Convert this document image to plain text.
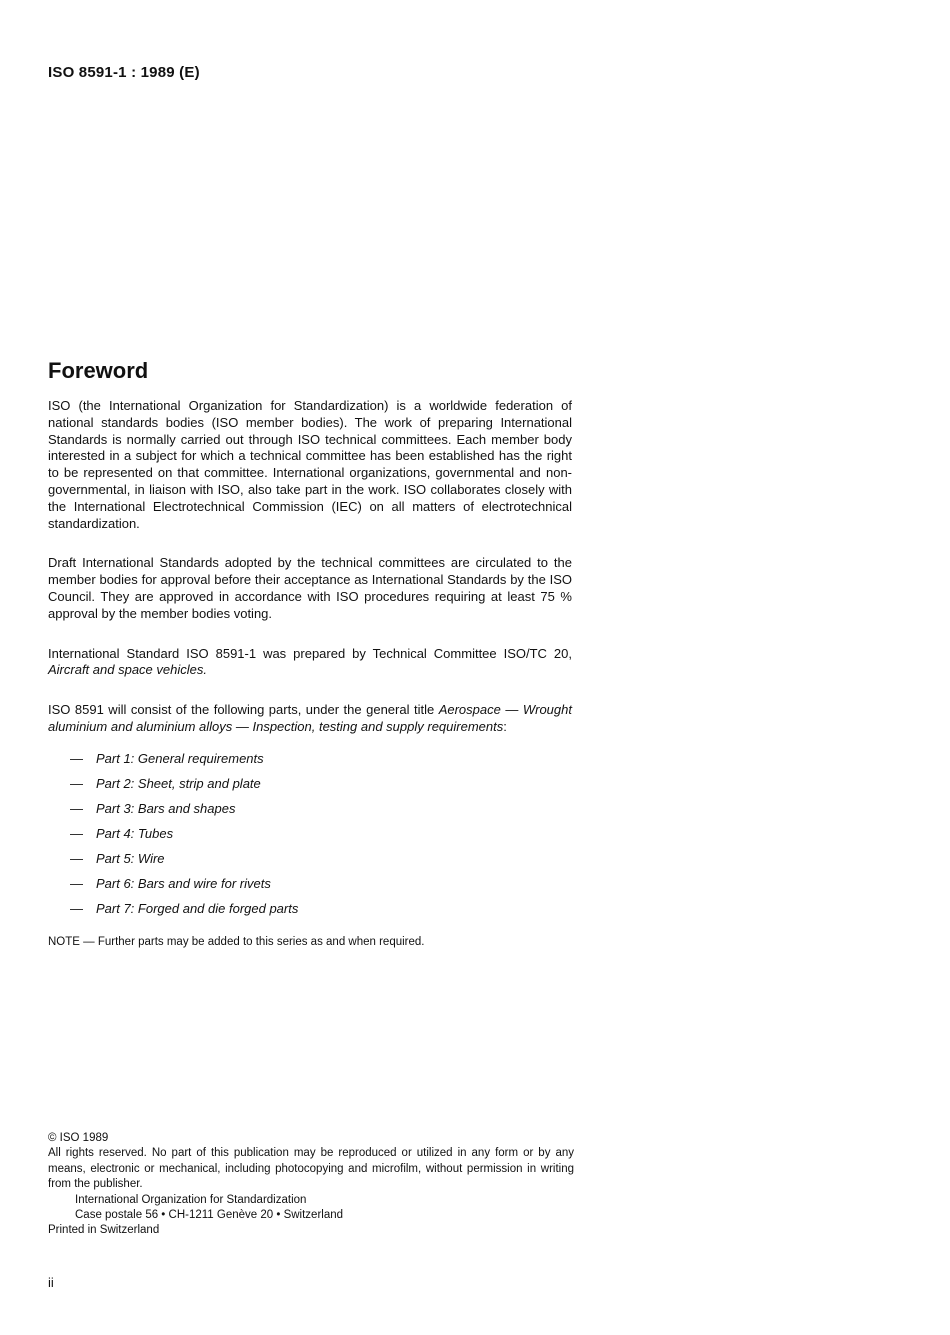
ISO 8591-1 : 1989 (E)
Foreword

ISO (the International Organization for Standardization) is a worldwide federation of national standards bodies (ISO member bodies). The work of preparing International Standards is normally carried out through ISO technical committees. Each member body interested in a subject for which a technical committee has been established has the right to be represented on that committee. International organizations, governmental and non-governmental, in liaison with ISO, also take part in the work. ISO collaborates closely with the International Electrotechnical Commission (IEC) on all matters of electrotechnical standardization.

Draft International Standards adopted by the technical committees are circulated to the member bodies for approval before their acceptance as International Standards by the ISO Council. They are approved in accordance with ISO procedures requiring at least 75 % approval by the member bodies voting.

International Standard ISO 8591-1 was prepared by Technical Committee ISO/TC 20, Aircraft and space vehicles.

ISO 8591 will consist of the following parts, under the general title Aerospace — Wrought aluminium and aluminium alloys — Inspection, testing and supply requirements:

— Part 1: General requirements
— Part 2: Sheet, strip and plate
— Part 3: Bars and shapes
— Part 4: Tubes
— Part 5: Wire
— Part 6: Bars and wire for rivets
— Part 7: Forged and die forged parts

NOTE — Further parts may be added to this series as and when required.

© ISO 1989

All rights reserved. No part of this publication may be reproduced or utilized in any form or by any means, electronic or mechanical, including photocopying and microfilm, without permission in writing from the publisher.

International Organization for Standardization

Case postale 56 • CH-1211 Genève 20 • Switzerland

Printed in Switzerland

ii
